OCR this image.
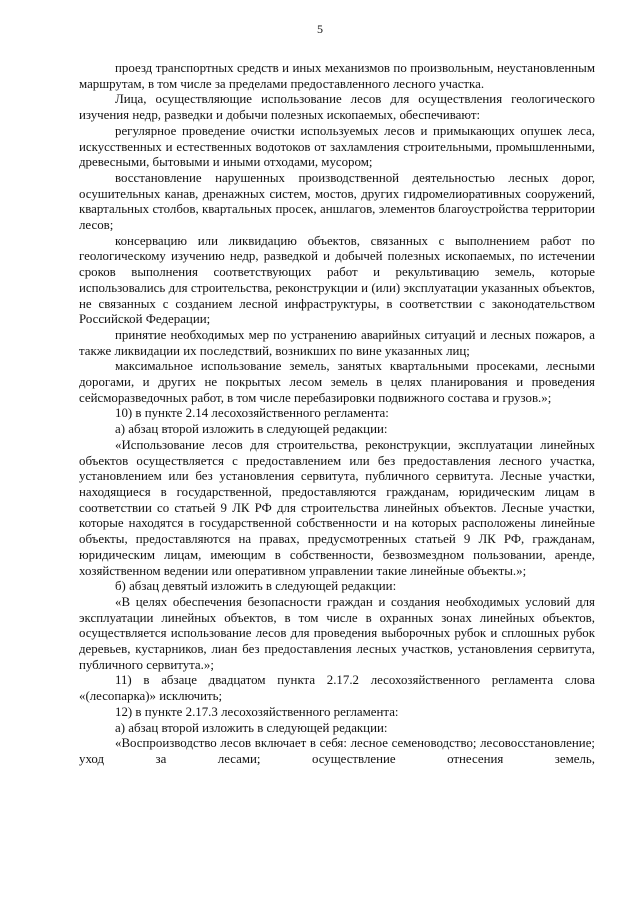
5

проезд транспортных средств и иных механизмов по произвольным, неустановленным маршрутам, в том числе за пределами предоставленного лесного участка.

Лица, осуществляющие использование лесов для осуществления геологического изучения недр, разведки и добычи полезных ископаемых, обеспечивают:

регулярное проведение очистки используемых лесов и примыкающих опушек леса, искусственных и естественных водотоков от захламления строительными, промышленными, древесными, бытовыми и иными отходами, мусором;

восстановление нарушенных производственной деятельностью лесных дорог, осушительных канав, дренажных систем, мостов, других гидромелиоративных сооружений, квартальных столбов, квартальных просек, аншлагов, элементов благоустройства территории лесов;

консервацию или ликвидацию объектов, связанных с выполнением работ по геологическому изучению недр, разведкой и добычей полезных ископаемых, по истечении сроков выполнения соответствующих работ и рекультивацию земель, которые использовались для строительства, реконструкции и (или) эксплуатации указанных объектов, не связанных с созданием лесной инфраструктуры, в соответствии с законодательством Российской Федерации;

принятие необходимых мер по устранению аварийных ситуаций и лесных пожаров, а также ликвидации их последствий, возникших по вине указанных лиц;

максимальное использование земель, занятых квартальными просеками, лесными дорогами, и других не покрытых лесом земель в целях планирования и проведения сейсморазведочных работ, в том числе перебазировки подвижного состава и грузов.»;

10) в пункте 2.14 лесохозяйственного регламента:

а) абзац второй изложить в следующей редакции:

«Использование лесов для строительства, реконструкции, эксплуатации линейных объектов осуществляется с предоставлением или без предоставления лесного участка, установлением или без установления сервитута, публичного сервитута. Лесные участки, находящиеся в государственной, предоставляются гражданам, юридическим лицам в соответствии со статьей 9 ЛК РФ для строительства линейных объектов. Лесные участки, которые находятся в государственной собственности и на которых расположены линейные объекты, предоставляются на правах, предусмотренных статьей 9 ЛК РФ, гражданам, юридическим лицам, имеющим в собственности, безвозмездном пользовании, аренде, хозяйственном ведении или оперативном управлении такие линейные объекты.»;

б) абзац девятый изложить в следующей редакции:

«В целях обеспечения безопасности граждан и создания необходимых условий для эксплуатации линейных объектов, в том числе в охранных зонах линейных объектов, осуществляется использование лесов для проведения выборочных рубок и сплошных рубок деревьев, кустарников, лиан без предоставления лесных участков, установления сервитута, публичного сервитута.»;

11) в абзаце двадцатом пункта 2.17.2 лесохозяйственного регламента слова «(лесопарка)» исключить;

12) в пункте 2.17.3 лесохозяйственного регламента:

а) абзац второй изложить в следующей редакции:

«Воспроизводство лесов включает в себя: лесное семеноводство; лесовосстановление; уход за лесами; осуществление отнесения земель,
